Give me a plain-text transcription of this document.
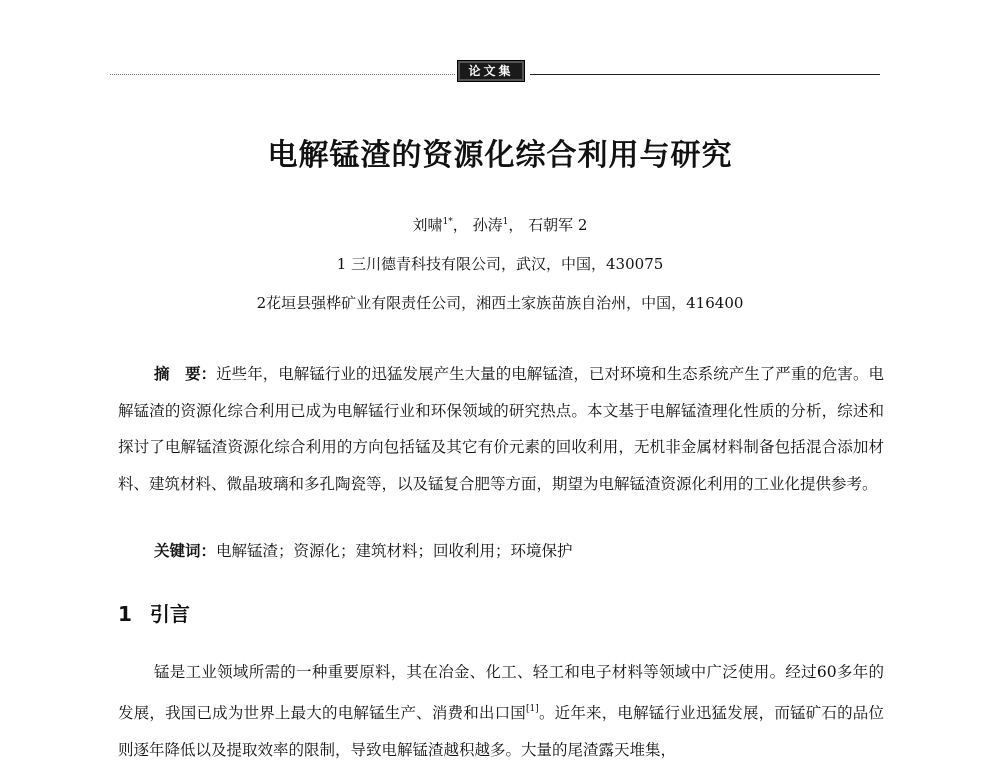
论文集
电解锰渣的资源化综合利用与研究
刘啸$^{1*}$， 孙涛$^1$， 石朝军 2
1 三川德青科技有限公司，武汉，中国，430075
2花垣县强桦矿业有限责任公司，湘西土家族苗族自治州，中国，416400

摘　要：近些年，电解锰行业的迅猛发展产生大量的电解锰渣，已对环境和生态系统产生了严重的危害。电解锰渣的资源化综合利用已成为电解锰行业和环保领域的研究热点。本文基于电解锰渣理化性质的分析，综述和探讨了电解锰渣资源化综合利用的方向包括锰及其它有价元素的回收利用，无机非金属材料制备包括混合添加材料、建筑材料、微晶玻璃和多孔陶瓷等，以及锰复合肥等方面，期望为电解锰渣资源化利用的工业化提供参考。

关键词：电解锰渣；资源化；建筑材料；回收利用；环境保护

1 引言

锰是工业领域所需的一种重要原料，其在冶金、化工、轻工和电子材料等领域中广泛使用。经过60多年的发展，我国已成为世界上最大的电解锰生产、消费和出口国[1]。近年来，电解锰行业迅猛发展，而锰矿石的品位则逐年降低以及提取效率的限制，导致电解锰渣越积越多。大量的尾渣露天堆集，
